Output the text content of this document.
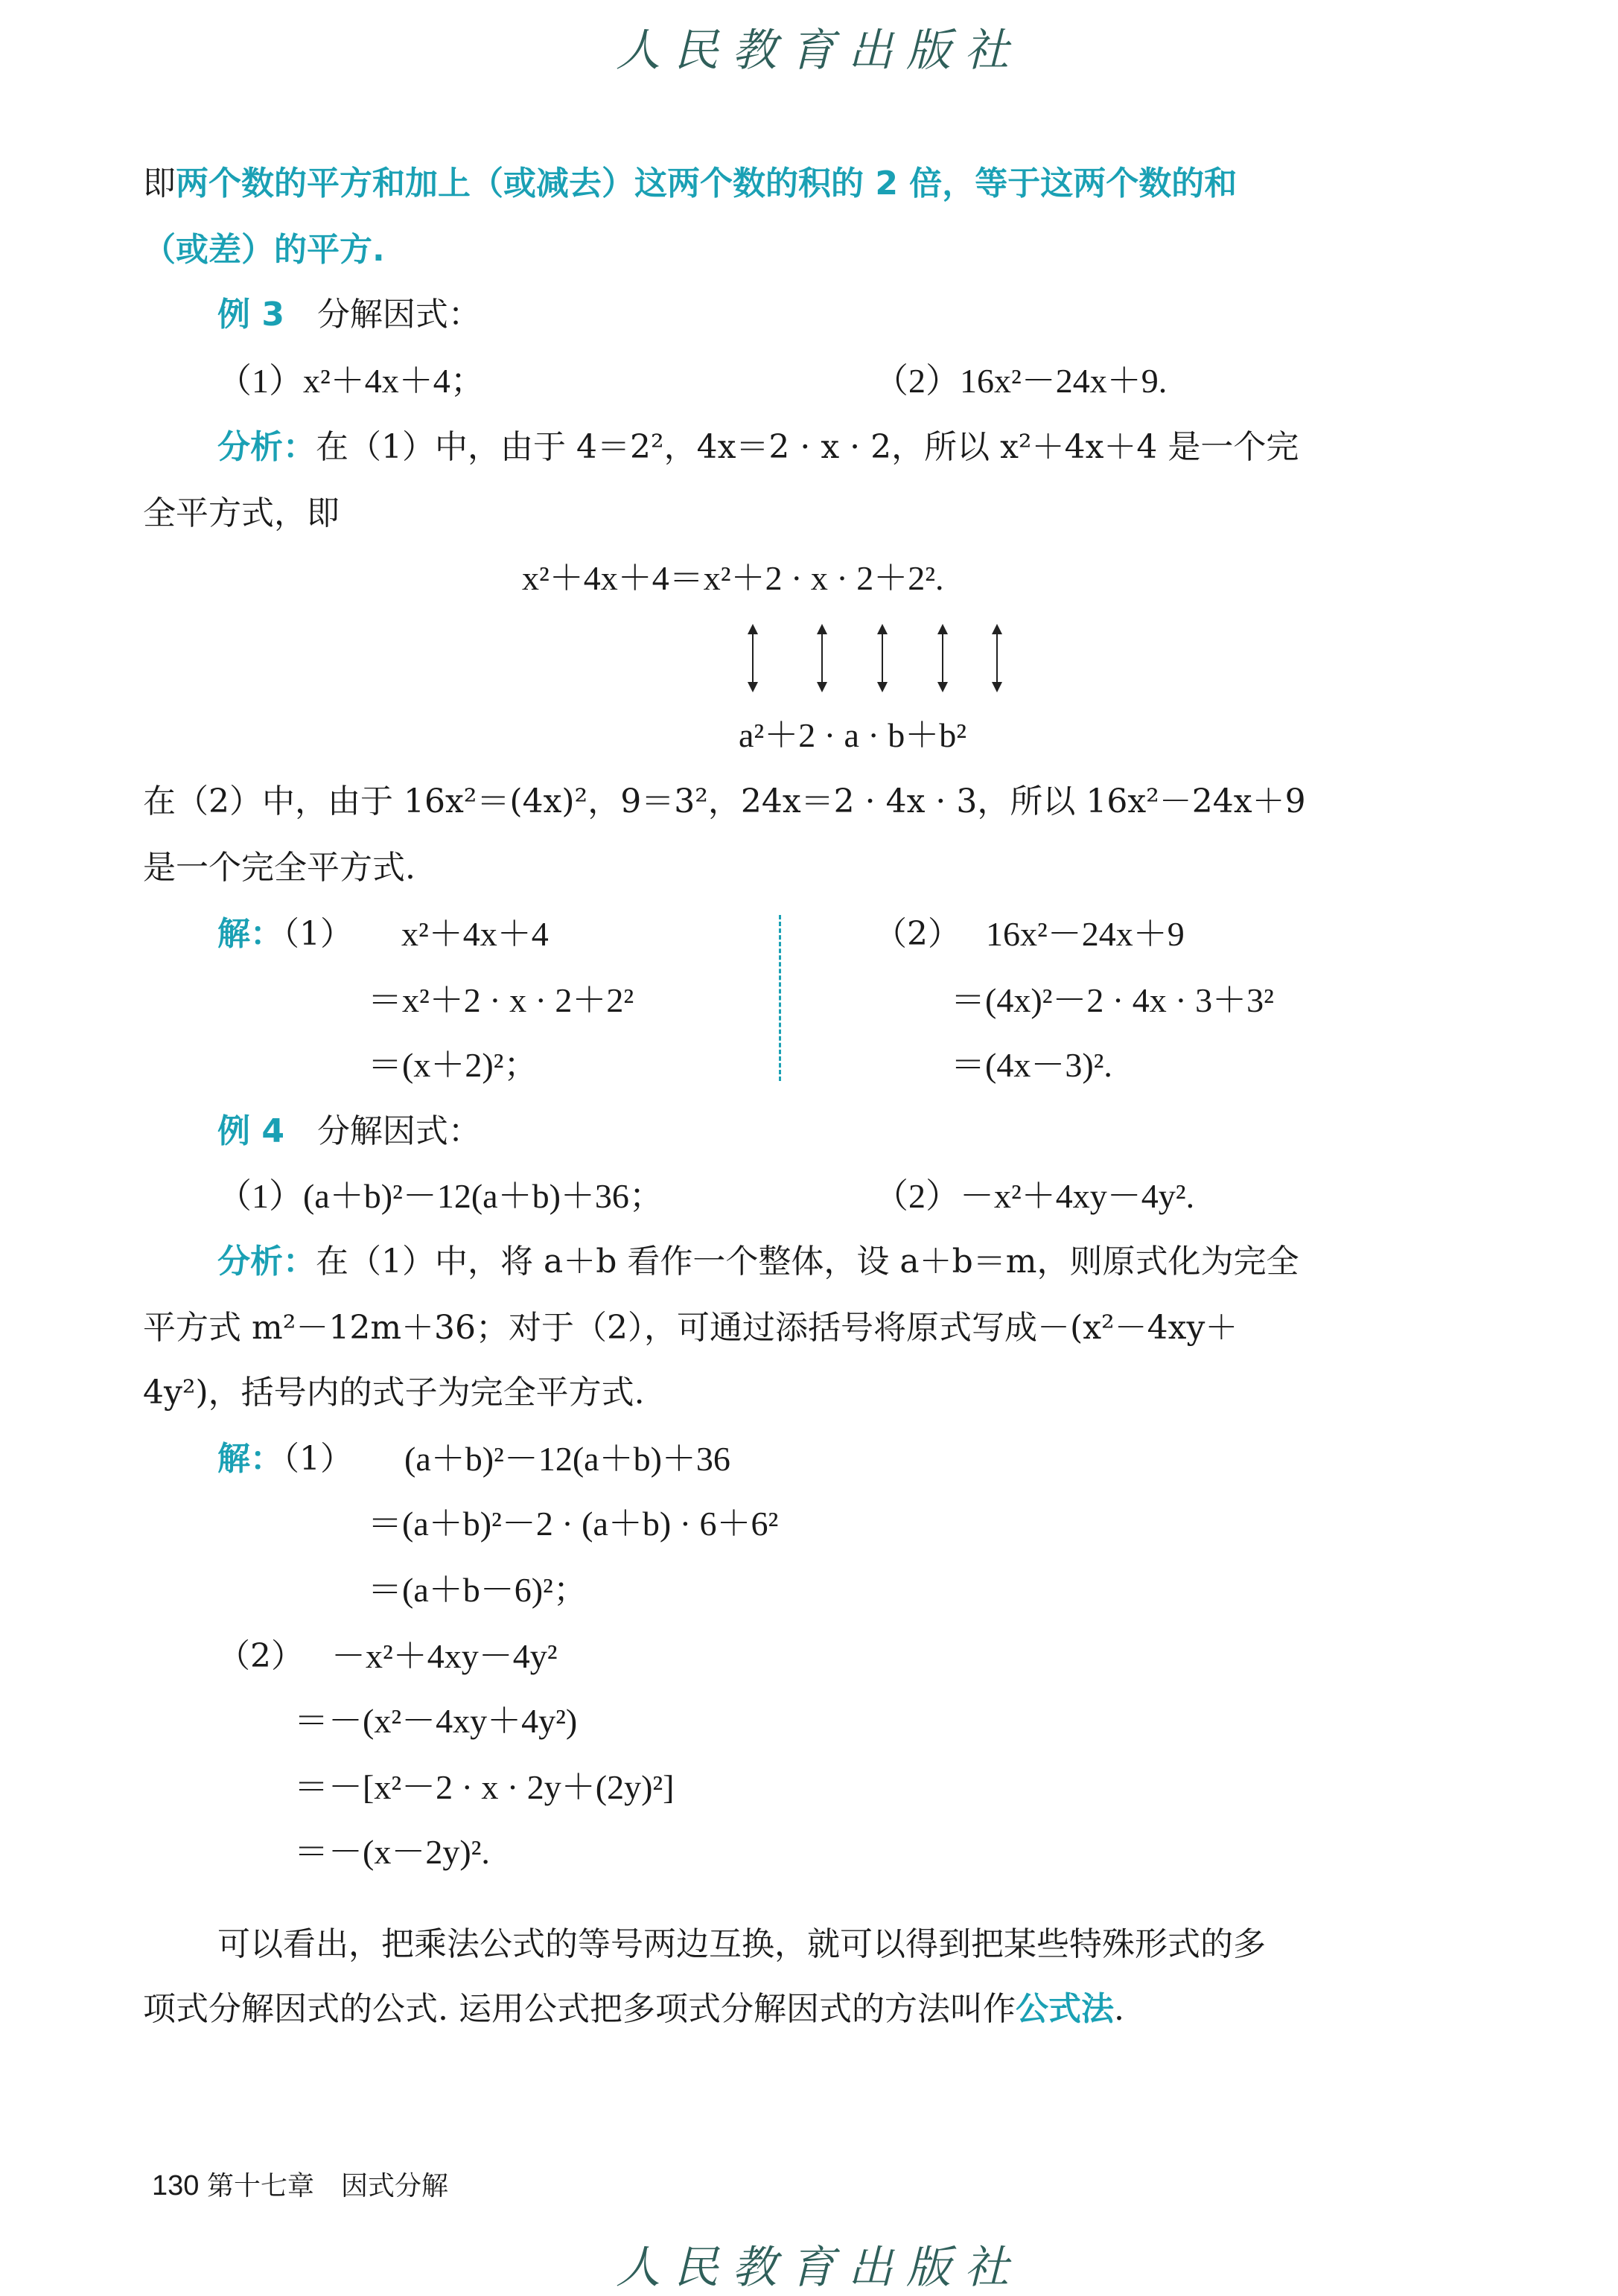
人民教育出版社
即两个数的平方和加上（或减去）这两个数的积的 2 倍，等于这两个数的和
（或差）的平方.
例 3　 分解因式：
（1）x²＋4x＋4；	（2）16x²－24x＋9.
分析：在（1）中，由于 4＝2²，4x＝2 · x · 2，所以 x²＋4x＋4 是一个完
全平方式，即
x²＋4x＋4＝x²＋2 · x · 2＋2².
a²＋2 · a · b＋b²
在（2）中，由于 16x²＝(4x)²，9＝3²，24x＝2 · 4x · 3，所以 16x²－24x＋9
是一个完全平方式.
解：（1） x²＋4x＋4
＝x²＋2 · x · 2＋2²
＝(x＋2)²；
（2） 16x²－24x＋9
＝(4x)²－2 · 4x · 3＋3²
＝(4x－3)².
例 4　 分解因式：
（1）(a＋b)²－12(a＋b)＋36；	（2）－x²＋4xy－4y².
分析：在（1）中，将 a＋b 看作一个整体，设 a＋b＝m，则原式化为完全
平方式 m²－12m＋36；对于（2），可通过添括号将原式写成－(x²－4xy＋
4y²)，括号内的式子为完全平方式.
解：（1） (a＋b)²－12(a＋b)＋36
＝(a＋b)²－2 · (a＋b) · 6＋6²
＝(a＋b－6)²；
（2） －x²＋4xy－4y²
＝－(x²－4xy＋4y²)
＝－[x²－2 · x · 2y＋(2y)²]
＝－(x－2y)².
可以看出，把乘法公式的等号两边互换，就可以得到把某些特殊形式的多
项式分解因式的公式. 运用公式把多项式分解因式的方法叫作公式法.
130 第十七章　因式分解
人民教育出版社
